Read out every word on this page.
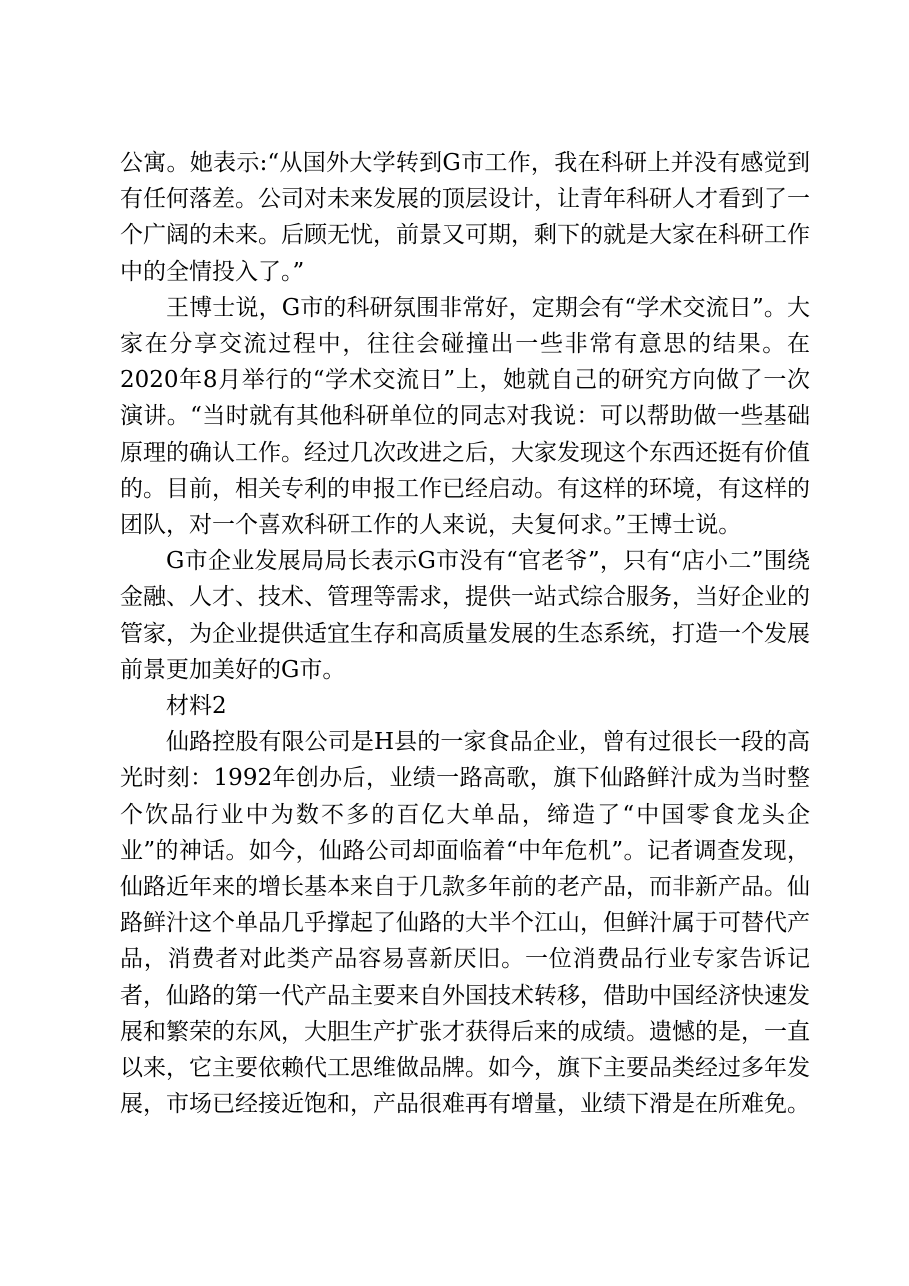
公寓。她表示:“从国外大学转到G市工作，我在科研上并没有感觉到有任何落差。公司对未来发展的顶层设计，让青年科研人才看到了一个广阔的未来。后顾无忧，前景又可期，剩下的就是大家在科研工作中的全情投入了。”

王博士说，G市的科研氛围非常好，定期会有“学术交流日”。大家在分享交流过程中，往往会碰撞出一些非常有意思的结果。在2020年8月举行的“学术交流日”上，她就自己的研究方向做了一次演讲。“当时就有其他科研单位的同志对我说：可以帮助做一些基础原理的确认工作。经过几次改进之后，大家发现这个东西还挺有价值的。目前，相关专利的申报工作已经启动。有这样的环境，有这样的团队，对一个喜欢科研工作的人来说，夫复何求。”王博士说。

G市企业发展局局长表示G市没有“官老爷”，只有“店小二”围绕金融、人才、技术、管理等需求，提供一站式综合服务，当好企业的管家，为企业提供适宜生存和高质量发展的生态系统，打造一个发展前景更加美好的G市。

材料2

仙路控股有限公司是H县的一家食品企业，曾有过很长一段的高光时刻：1992年创办后，业绩一路高歌，旗下仙路鲜汁成为当时整个饮品行业中为数不多的百亿大单品，缔造了“中国零食龙头企业”的神话。如今，仙路公司却面临着“中年危机”。记者调查发现，仙路近年来的增长基本来自于几款多年前的老产品，而非新产品。仙路鲜汁这个单品几乎撑起了仙路的大半个江山，但鲜汁属于可替代产品，消费者对此类产品容易喜新厌旧。一位消费品行业专家告诉记者，仙路的第一代产品主要来自外国技术转移，借助中国经济快速发展和繁荣的东风，大胆生产扩张才获得后来的成绩。遗憾的是，一直以来，它主要依赖代工思维做品牌。如今，旗下主要品类经过多年发展，市场已经接近饱和，产品很难再有增量，业绩下滑是在所难免。
